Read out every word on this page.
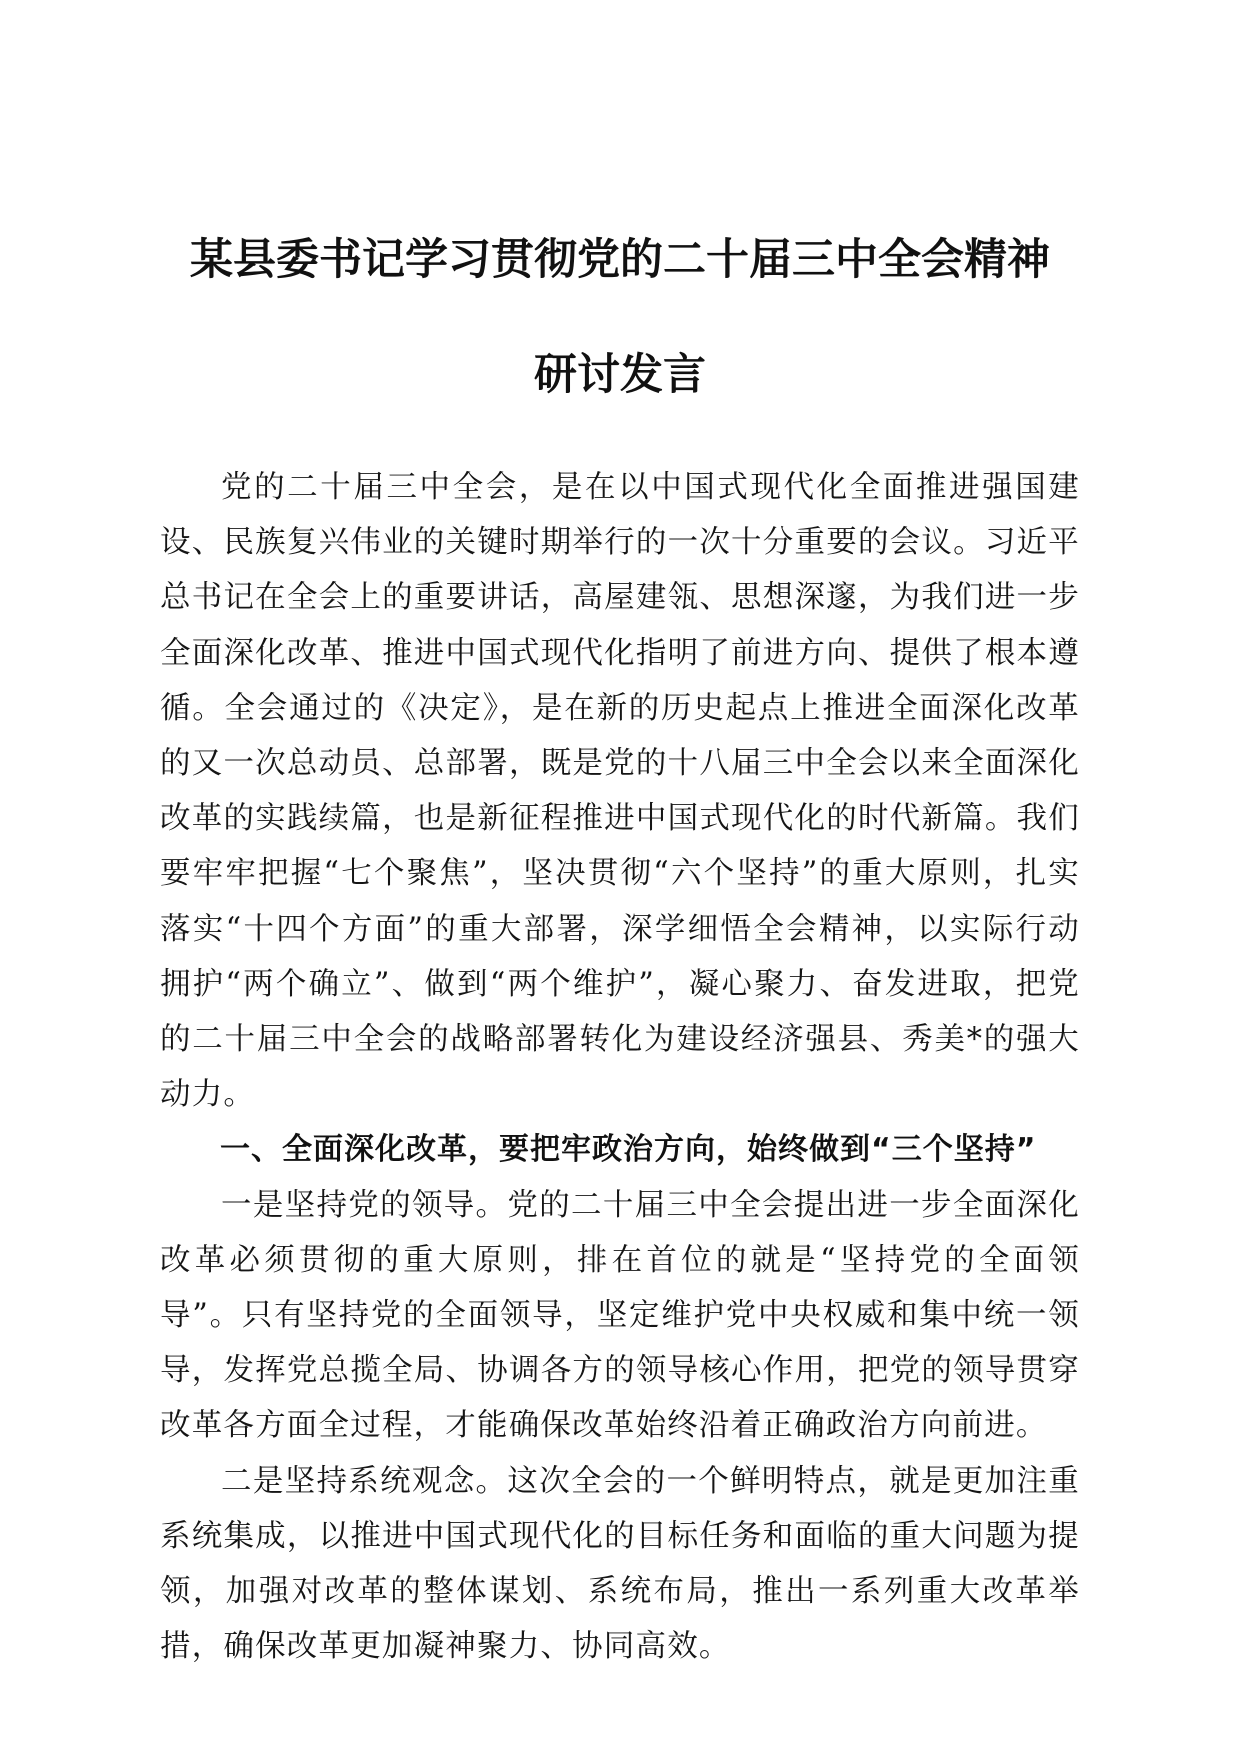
某县委书记学习贯彻党的二十届三中全会精神
研讨发言

党的二十届三中全会，是在以中国式现代化全面推进强国建设、民族复兴伟业的关键时期举行的一次十分重要的会议。习近平总书记在全会上的重要讲话，高屋建瓴、思想深邃，为我们进一步全面深化改革、推进中国式现代化指明了前进方向、提供了根本遵循。全会通过的《决定》，是在新的历史起点上推进全面深化改革的又一次总动员、总部署，既是党的十八届三中全会以来全面深化改革的实践续篇，也是新征程推进中国式现代化的时代新篇。我们要牢牢把握“七个聚焦”，坚决贯彻“六个坚持”的重大原则，扎实落实“十四个方面”的重大部署，深学细悟全会精神，以实际行动拥护“两个确立”、做到“两个维护”，凝心聚力、奋发进取，把党的二十届三中全会的战略部署转化为建设经济强县、秀美*的强大动力。

一、全面深化改革，要把牢政治方向，始终做到“三个坚持”

一是坚持党的领导。党的二十届三中全会提出进一步全面深化改革必须贯彻的重大原则，排在首位的就是“坚持党的全面领导”。只有坚持党的全面领导，坚定维护党中央权威和集中统一领导，发挥党总揽全局、协调各方的领导核心作用，把党的领导贯穿改革各方面全过程，才能确保改革始终沿着正确政治方向前进。

二是坚持系统观念。这次全会的一个鲜明特点，就是更加注重系统集成，以推进中国式现代化的目标任务和面临的重大问题为提领，加强对改革的整体谋划、系统布局，推出一系列重大改革举措，确保改革更加凝神聚力、协同高效。
